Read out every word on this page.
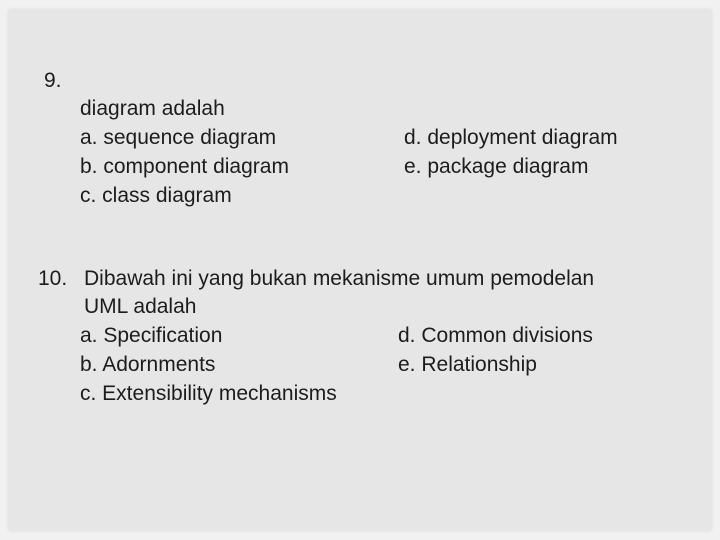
9.
diagram adalah
a. sequence diagram
b. component diagram
c. class diagram
d. deployment diagram
e. package diagram
10. Dibawah ini yang bukan mekanisme umum pemodelan
UML adalah
a. Specification
b. Adornments
c. Extensibility mechanisms
d. Common divisions
e. Relationship
